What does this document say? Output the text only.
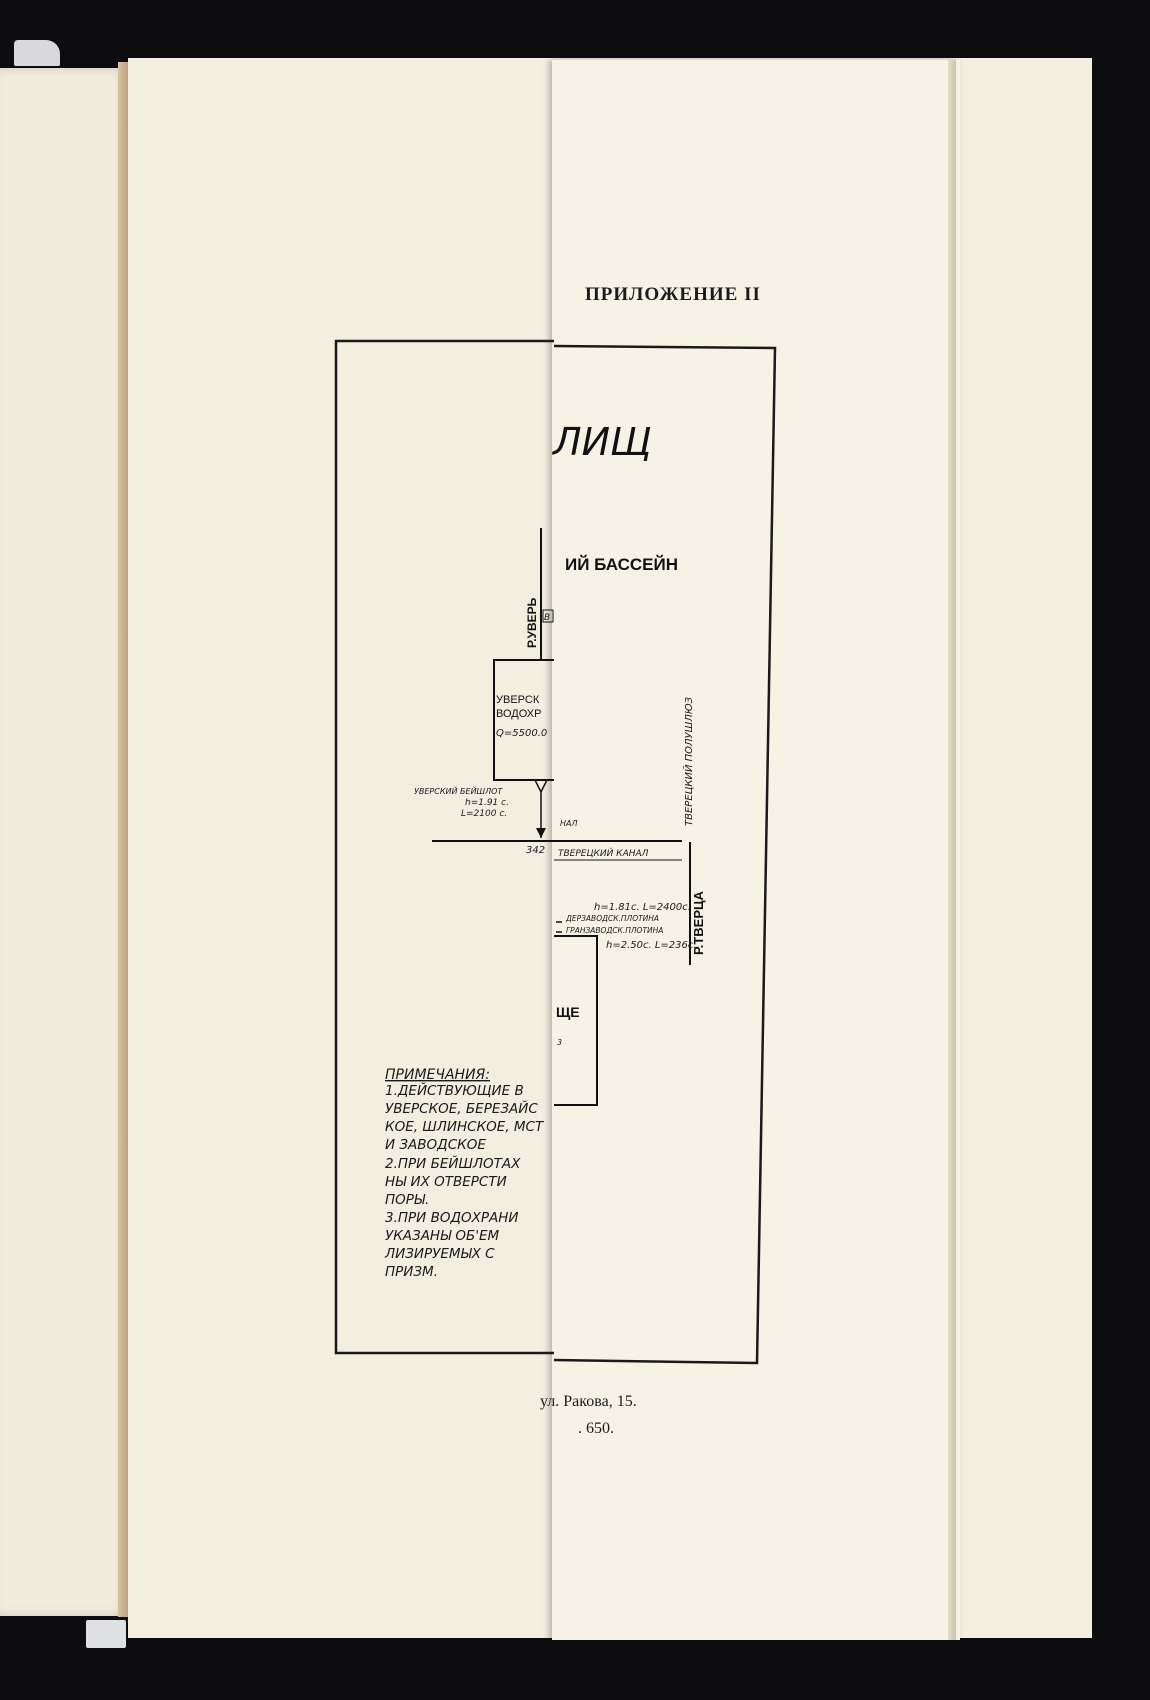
ПРИЛОЖЕНИЕ II
ЛИЩ
ИЙ БАССЕЙН
Р.УВЕРЬ B
УВЕРСК
ВОДОХР
Q=5500.0
УВЕРСКИЙ БЕЙШЛОТ
h=1.91 c.
L=2100 c.
НАЛ
342 ТВЕРЕЦКИЙ КАНАЛ
ТВЕРЕЦКИЙ ПОЛУШЛЮЗ
Р.ТВЕРЦА
h=1.81c. L=2400c.
ДЕРЗАВОДСК.ПЛОТИНА
ГРАНЗАВОДСК.ПЛОТИНА
h=2.50c. L=236c.
ЩЕ
3
ПРИМЕЧАНИЯ:
1.ДЕЙСТВУЮЩИЕ В
УВЕРСКОЕ, БЕРЕЗАЙС
КОЕ, ШЛИНСКОЕ, МСТ
И ЗАВОДСКОЕ
2.ПРИ БЕЙШЛОТАХ
НЫ ИХ ОТВЕРСТИ
ПОРЫ.
3.ПРИ ВОДОХРАНИ
УКАЗАНЫ ОБ'ЕМ
ЛИЗИРУЕМЫХ С
ПРИЗМ.
ул. Ракова, 15.
. 650.
